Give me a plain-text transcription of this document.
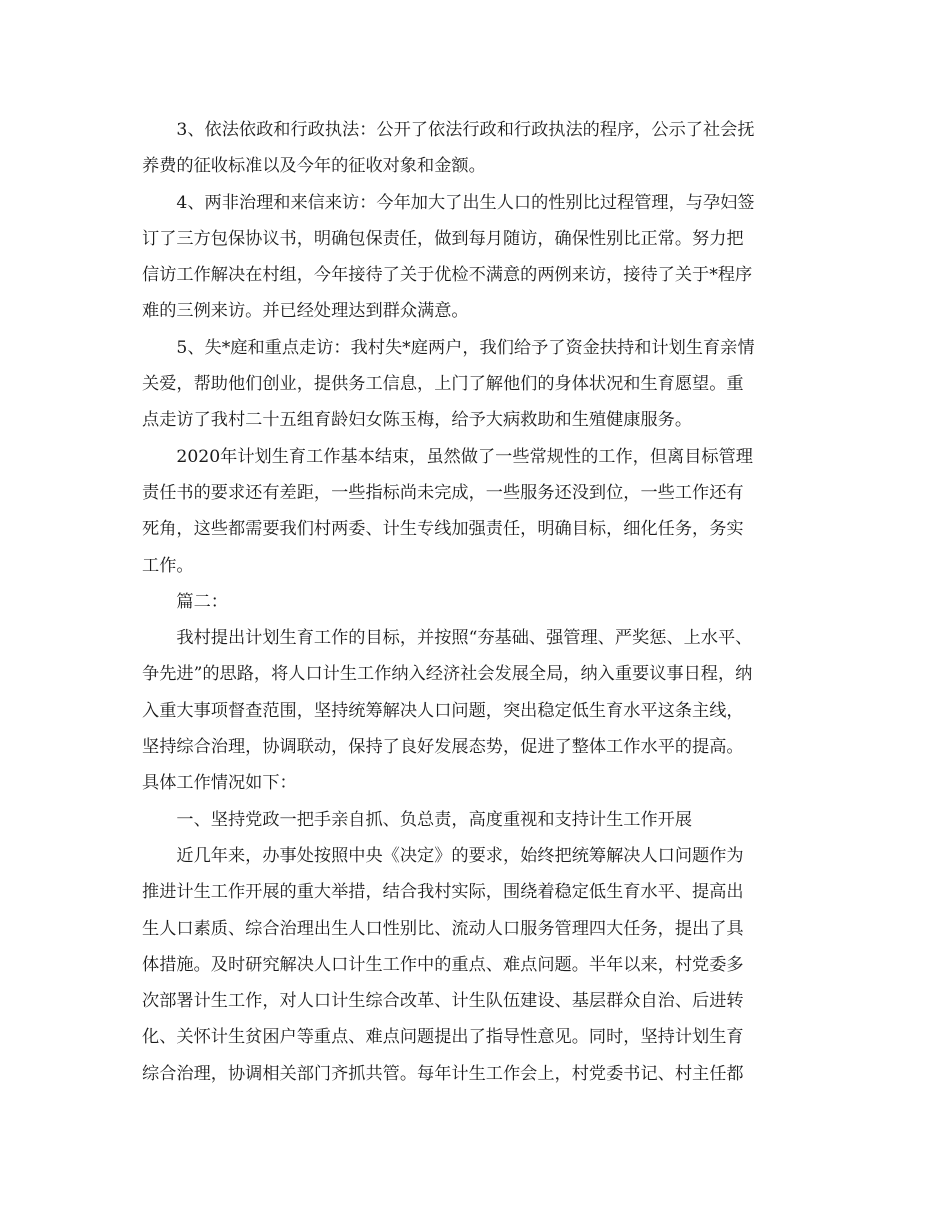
3、依法依政和行政执法：公开了依法行政和行政执法的程序，公示了社会抚
养费的征收标准以及今年的征收对象和金额。
4、两非治理和来信来访：今年加大了出生人口的性别比过程管理，与孕妇签
订了三方包保协议书，明确包保责任，做到每月随访，确保性别比正常。努力把
信访工作解决在村组，今年接待了关于优检不满意的两例来访，接待了关于*程序
难的三例来访。并已经处理达到群众满意。
5、失*庭和重点走访：我村失*庭两户，我们给予了资金扶持和计划生育亲情
关爱，帮助他们创业，提供务工信息，上门了解他们的身体状况和生育愿望。重
点走访了我村二十五组育龄妇女陈玉梅，给予大病救助和生殖健康服务。
2020年计划生育工作基本结束，虽然做了一些常规性的工作，但离目标管理
责任书的要求还有差距，一些指标尚未完成，一些服务还没到位，一些工作还有
死角，这些都需要我们村两委、计生专线加强责任，明确目标，细化任务，务实
工作。
篇二：
我村提出计划生育工作的目标，并按照“夯基础、强管理、严奖惩、上水平、
争先进”的思路，将人口计生工作纳入经济社会发展全局，纳入重要议事日程，纳
入重大事项督查范围，坚持统筹解决人口问题，突出稳定低生育水平这条主线，
坚持综合治理，协调联动，保持了良好发展态势，促进了整体工作水平的提高。
具体工作情况如下：
一、坚持党政一把手亲自抓、负总责，高度重视和支持计生工作开展
近几年来，办事处按照中央《决定》的要求，始终把统筹解决人口问题作为
推进计生工作开展的重大举措，结合我村实际，围绕着稳定低生育水平、提高出
生人口素质、综合治理出生人口性别比、流动人口服务管理四大任务，提出了具
体措施。及时研究解决人口计生工作中的重点、难点问题。半年以来，村党委多
次部署计生工作，对人口计生综合改革、计生队伍建设、基层群众自治、后进转
化、关怀计生贫困户等重点、难点问题提出了指导性意见。同时，坚持计划生育
综合治理，协调相关部门齐抓共管。每年计生工作会上，村党委书记、村主任都
